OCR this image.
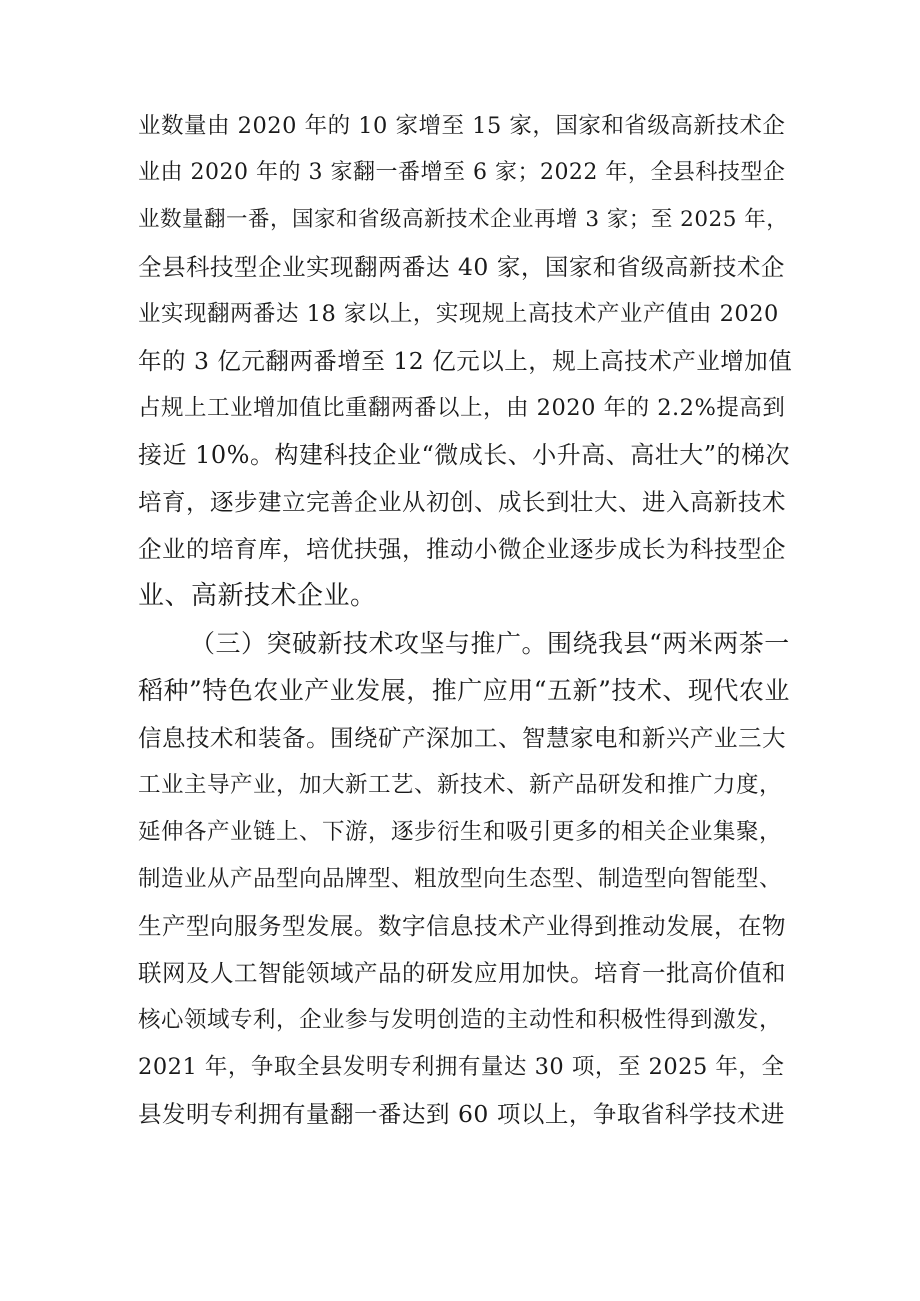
业数量由 2020 年的 10 家增至 15 家，国家和省级高新技术企
业由 2020 年的 3 家翻一番增至 6 家；2022 年，全县科技型企
业数量翻一番，国家和省级高新技术企业再增 3 家；至 2025 年，
全县科技型企业实现翻两番达 40 家，国家和省级高新技术企
业实现翻两番达 18 家以上，实现规上高技术产业产值由 2020
年的 3 亿元翻两番增至 12 亿元以上，规上高技术产业增加值
占规上工业增加值比重翻两番以上，由 2020 年的 2.2%提高到
接近 10%。构建科技企业“微成长、小升高、高壮大”的梯次
培育，逐步建立完善企业从初创、成长到壮大、进入高新技术
企业的培育库，培优扶强，推动小微企业逐步成长为科技型企
业、高新技术企业。
（三）突破新技术攻坚与推广。围绕我县“两米两茶一
稻种”特色农业产业发展，推广应用“五新”技术、现代农业
信息技术和装备。围绕矿产深加工、智慧家电和新兴产业三大
工业主导产业，加大新工艺、新技术、新产品研发和推广力度，
延伸各产业链上、下游，逐步衍生和吸引更多的相关企业集聚，
制造业从产品型向品牌型、粗放型向生态型、制造型向智能型、
生产型向服务型发展。数字信息技术产业得到推动发展，在物
联网及人工智能领域产品的研发应用加快。培育一批高价值和
核心领域专利，企业参与发明创造的主动性和积极性得到激发，
2021 年，争取全县发明专利拥有量达 30 项，至 2025 年，全
县发明专利拥有量翻一番达到 60 项以上，争取省科学技术进
